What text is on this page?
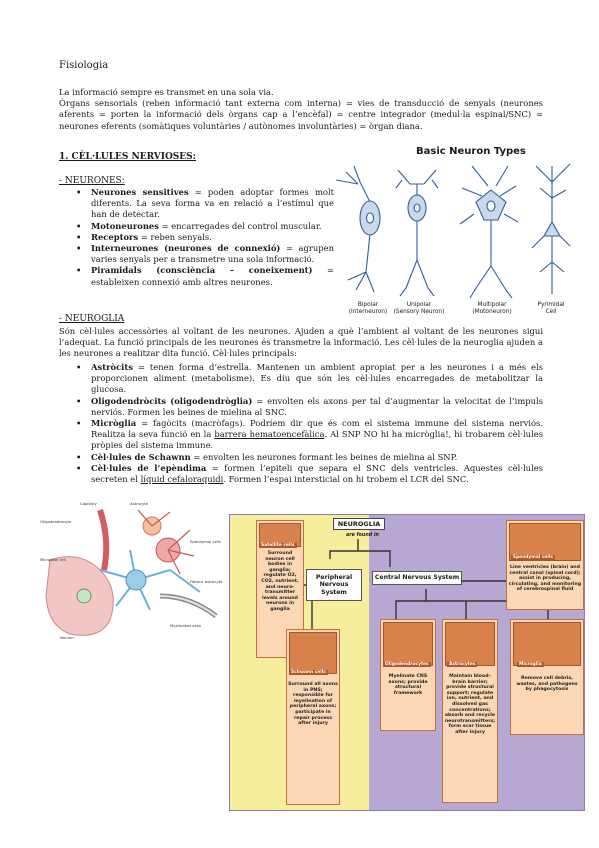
Fisiologia
La informació sempre es transmet en una sola via.
Òrgans sensorials (reben informació tant externa com interna) = vies de transducció de senyals (neurones aferents = porten la informació dels òrgans cap a l’encèfal) = centre integrador (medul·la espinal/SNC) = neurones eferents (somàtiques voluntàries / autònomes involuntàries) = òrgan diana.
1. CÈL·LULES NERVIOSES:
- NEURONES:
• Neurones sensitives = poden adoptar formes molt diferents. La seva forma va en relació a l’estímul que han de detectar.
• Motoneurones = encarregades del control muscular.
• Receptors = reben senyals.
• Interneurones (neurones de connexió) = agrupen varies senyals per a transmetre una sola informació.
• Piramidals (consciència – coneixement) = estableixen connexió amb altres neurones.
Basic Neuron Types
Bipolar
(Interneuron)
Unipolar
(Sensory Neuron)
Multipolar
(Motoneuron)
Pyrimidal
Cell
- NEUROGLIA
Són cèl·lules accessòries al voltant de les neurones. Ajuden a què l’ambient al voltant de les neurones sigui l’adequat. La funció principals de les neurones és transmetre la informació. Les cèl·lules de la neuroglia ajuden a les neurones a realitzar dita funció. Cèl·lules principals:
• Astròcits = tenen forma d’estrella. Mantenen un ambient apropiat per a les neurones i a més els proporcionen aliment (metabolisme). Es diu que són les cèl·lules encarregades de metabolitzar la glucosa.
• Oligodendròcits (oligodendròglia) = envolten els axons per tal d’augmentar la velocitat de l’impuls nerviós. Formen les beines de mielina al SNC.
• Micròglia = fagòcits (macròfags). Podríem dir que és com el sistema immune del sistema nerviós. Realitza la seva funció en la barrera hematoencefàlica. Al SNP NO hi ha micròglia!, hi trobarem cèl·lules pròpies del sistema immune.
• Cèl·lules de Schawnn = envolten les neurones formant les beines de mielina al SNP.
• Cèl·lules de l’epèndima = formen l’epiteli que separa el SNC dels ventricles. Aquestes cèl·lules secreten el líquid cefaloraquidi. Formen l’espai intersticial on hi trobem el LCR del SNC.
Capillary
Oligodendrocyte
Astrocyte
Ependymal cells
Microglial cell
Fibrous astrocyte
Neuron
Myelinated axon
NEUROGLIA
are found in
Peripheral Nervous System
Central Nervous System
Satellite cells
Surround neuron cell bodies in ganglia; regulate O2, CO2, nutrient, and neuro-transmitter levels around neurons in ganglia
Schwann cells
Surround all axons in PNS; responsible for myelination of peripheral axons; participate in repair process after injury
Ependymal cells
Line ventricles (brain) and central canal (spinal cord); assist in producing, circulating, and monitoring of cerebrospinal fluid
Oligodendrocytes
Myelinate CNS axons; provide structural framework
Astrocytes
Maintain blood–brain barrier; provide structural support; regulate ion, nutrient, and dissolved gas concentrations; absorb and recycle neurotransmitters; form scar tissue after injury
Microglia
Remove cell debris, wastes, and pathogens by phagocytosis
